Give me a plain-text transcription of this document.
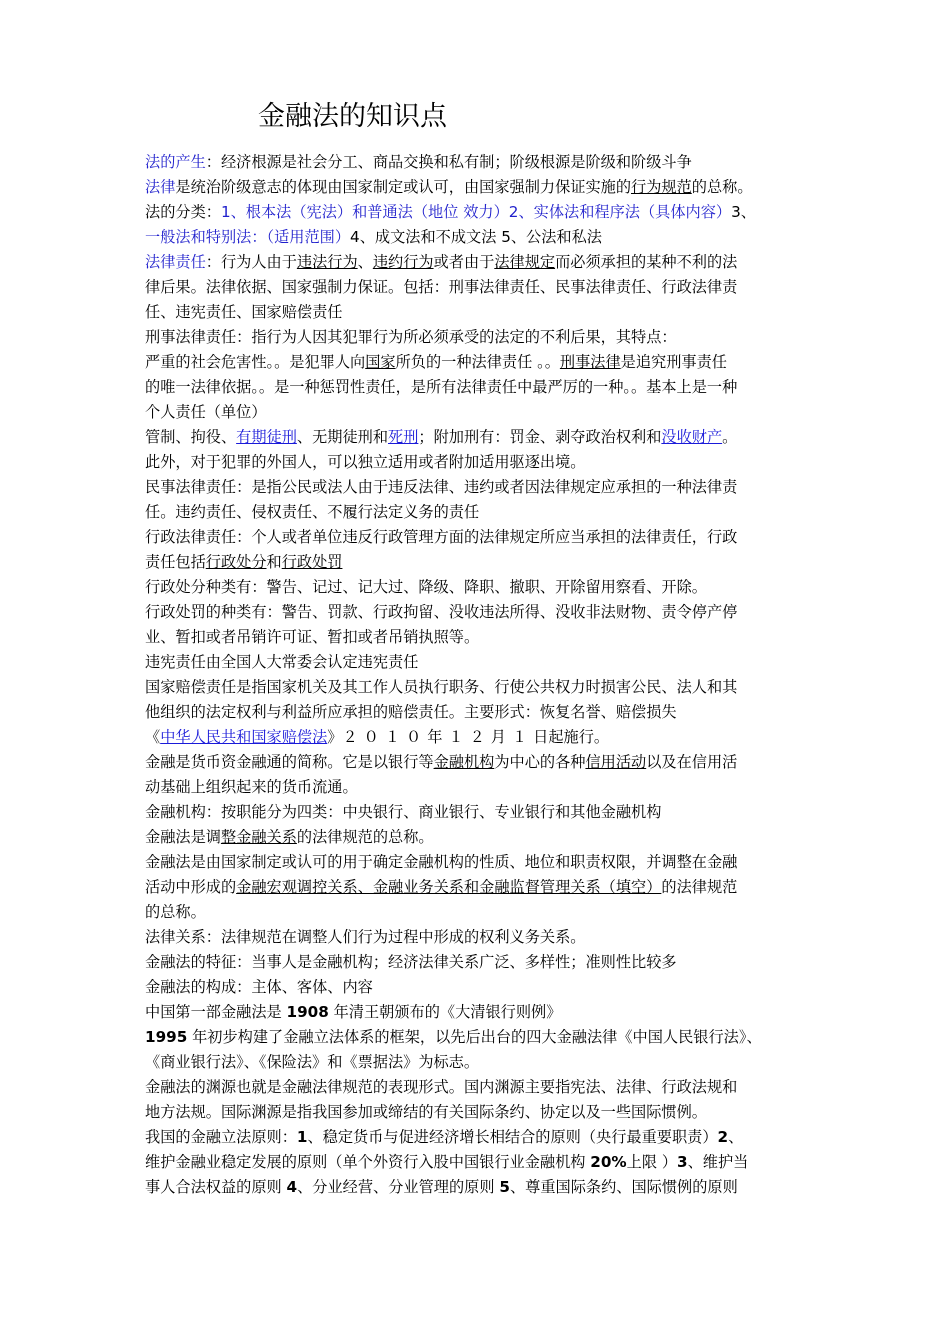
金融法的知识点

法的产生：经济根源是社会分工、商品交换和私有制；阶级根源是阶级和阶级斗争

法律是统治阶级意志的体现由国家制定或认可，由国家强制力保证实施的行为规范的总称。

法的分类：1、根本法（宪法）和普通法（地位 效力）2、实体法和程序法（具体内容）3、

一般法和特别法：（适用范围）4、成文法和不成文法 5、公法和私法

法律责任：行为人由于违法行为、违约行为或者由于法律规定而必须承担的某种不利的法

律后果。法律依据、国家强制力保证。包括：刑事法律责任、民事法律责任、行政法律责

任、违宪责任、国家赔偿责任

刑事法律责任：指行为人因其犯罪行为所必须承受的法定的不利后果，其特点：

严重的社会危害性。。是犯罪人向国家所负的一种法律责任 。。刑事法律是追究刑事责任

的唯一法律依据。。是一种惩罚性责任，是所有法律责任中最严厉的一种。。基本上是一种

个人责任（单位）

管制、拘役、有期徒刑、无期徒刑和死刑；附加刑有：罚金、剥夺政治权利和没收财产。

此外，对于犯罪的外国人，可以独立适用或者附加适用驱逐出境。

民事法律责任：是指公民或法人由于违反法律、违约或者因法律规定应承担的一种法律责

任。违约责任、侵权责任、不履行法定义务的责任

行政法律责任：个人或者单位违反行政管理方面的法律规定所应当承担的法律责任，行政

责任包括行政处分和行政处罚

行政处分种类有：警告、记过、记大过、降级、降职、撤职、开除留用察看、开除。

行政处罚的种类有：警告、罚款、行政拘留、没收违法所得、没收非法财物、责令停产停

业、暂扣或者吊销许可证、暂扣或者吊销执照等。

违宪责任由全国人大常委会认定违宪责任

国家赔偿责任是指国家机关及其工作人员执行职务、行使公共权力时损害公民、法人和其

他组织的法定权利与利益所应承担的赔偿责任。主要形式：恢复名誉、赔偿损失

《中华人民共和国家赔偿法》２０１０年１２月１日起施行。

金融是货币资金融通的简称。它是以银行等金融机构为中心的各种信用活动以及在信用活

动基础上组织起来的货币流通。

金融机构：按职能分为四类：中央银行、商业银行、专业银行和其他金融机构

金融法是调整金融关系的法律规范的总称。

金融法是由国家制定或认可的用于确定金融机构的性质、地位和职责权限，并调整在金融

活动中形成的金融宏观调控关系、金融业务关系和金融监督管理关系（填空）的法律规范

的总称。

法律关系：法律规范在调整人们行为过程中形成的权利义务关系。

金融法的特征：当事人是金融机构；经济法律关系广泛、多样性；准则性比较多

金融法的构成：主体、客体、内容

中国第一部金融法是 1908 年清王朝颁布的《大清银行则例》

1995 年初步构建了金融立法体系的框架，以先后出台的四大金融法律《中国人民银行法》、

《商业银行法》、《保险法》和《票据法》为标志。

金融法的渊源也就是金融法律规范的表现形式。国内渊源主要指宪法、法律、行政法规和

地方法规。国际渊源是指我国参加或缔结的有关国际条约、协定以及一些国际惯例。

我国的金融立法原则：1、稳定货币与促进经济增长相结合的原则（央行最重要职责）2、

维护金融业稳定发展的原则（单个外资行入股中国银行业金融机构 20%上限 ）3、维护当

事人合法权益的原则 4、分业经营、分业管理的原则 5、尊重国际条约、国际惯例的原则
